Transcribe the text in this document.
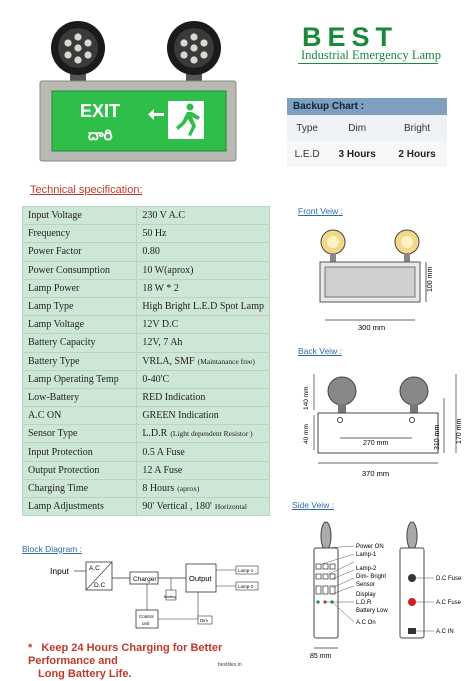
EXIT
దారి
BEST
Industrial Emergency Lamp
Backup Chart :
Type	Dim	Bright
L.E.D	3 Hours	2 Hours
Technical specification:
Input Voltage	230 V A.C
Frequency	50 Hz
Power Factor	0.80
Power Consumption	10 W(aprox)
Lamp Power	18 W * 2
Lamp Type	High Bright L.E.D Spot Lamp
Lamp Voltage	12V D.C
Battery Capacity	12V, 7 Ah
Battery Type	VRLA, SMF (Maintanance free)
Lamp Operating Temp	0-40'C
Low-Battery	RED Indication
A.C ON	GREEN Indication
Sensor Type	L.D.R (Light dependent Resistor )
Input Protection	0.5 A Fuse
Output Protection	12 A Fuse
Charging Time	8 Hours (aprox)
Lamp Adjustments	90' Vertical , 180' Horizontal
Front Veiw :
100 mm
300 mm
Back Veiw :
140 mm
40 mm	270 mm	310 mm 170 mm
370 mm
Side Veiw :
Power ON
Lamp-1
Lamp-2
Dim- Bright
Sensor
Display
L.D.R
Battery Low
A.C On
85 mm
D.C Fuse
A.C Fuse
A.C IN
Block Diagram :
Input	A.C
D.C
Charger
Battery
Output
Lamp-1
Lamp-2
Control
unit
Dim
* Keep 24 Hours Charging for Better Performance and
Long Battery Life.
bestlites.in
